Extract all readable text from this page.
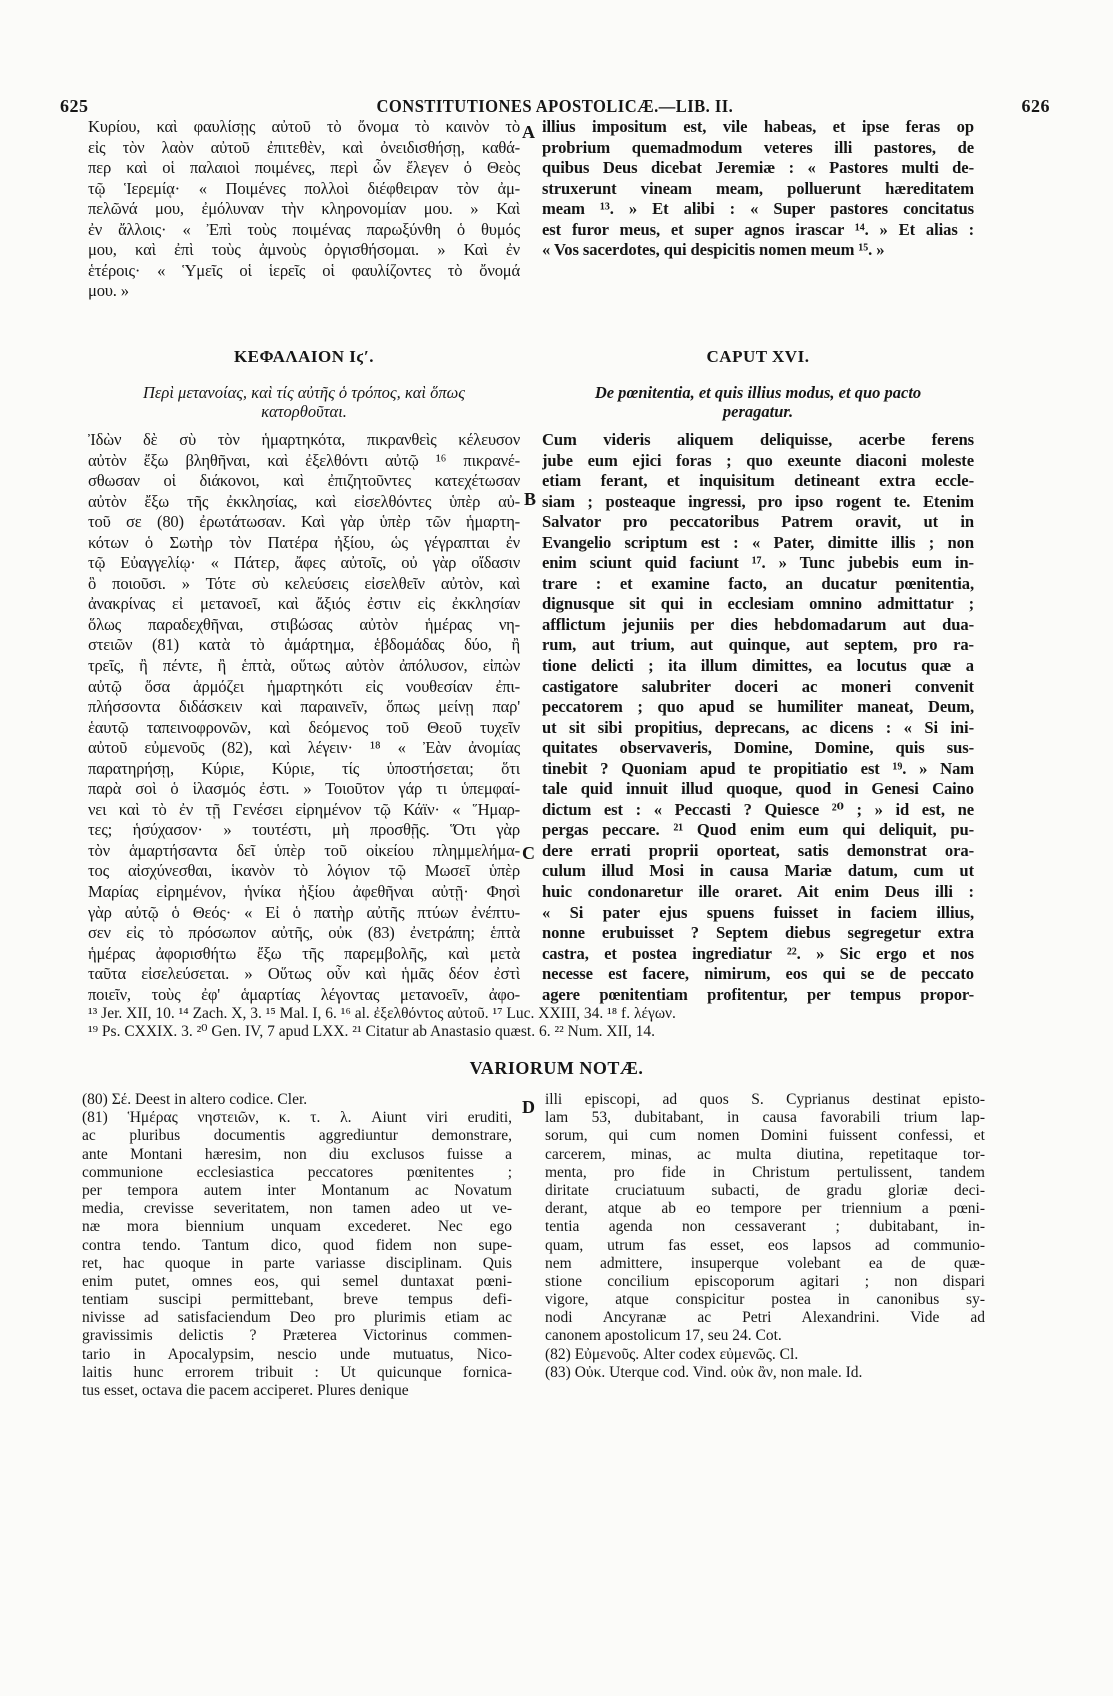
625	CONSTITUTIONES APOSTOLICÆ.—LIB. II.	626
Κυρίου, καὶ φαυλίσῃς αὐτοῦ τὸ ὄνομα τὸ καινὸν τὸ
εἰς τὸν λαὸν αὐτοῦ ἐπιτεθὲν, καὶ ὀνειδισθήσῃ, καθά-
περ καὶ οἱ παλαιοὶ ποιμένες, περὶ ὧν ἔλεγεν ὁ Θεὸς
τῷ Ἱερεμίᾳ· « Ποιμένες πολλοὶ διέφθειραν τὸν ἀμ-
πελῶνά μου, ἐμόλυναν τὴν κληρονομίαν μου. » Καὶ
ἐν ἄλλοις· « Ἐπὶ τοὺς ποιμένας παρωξύνθη ὁ θυμός
μου, καὶ ἐπὶ τοὺς ἀμνοὺς ὀργισθήσομαι. » Καὶ ἐν
ἑτέροις· « Ὑμεῖς οἱ ἱερεῖς οἱ φαυλίζοντες τὸ ὄνομά
μου. »
illius impositum est, vile habeas, et ipse feras op
probrium quemadmodum veteres illi pastores, de
quibus Deus dicebat Jeremiæ : « Pastores multi de-
struxerunt vineam meam, polluerunt hæreditatem
meam ¹³. » Et alibi : « Super pastores concitatus
est furor meus, et super agnos irascar ¹⁴. » Et alias :
« Vos sacerdotes, qui despicitis nomen meum ¹⁵. »
A
B
C
D
ΚΕΦΑΛΑΙΟΝ Ιϛʹ.
Περὶ μετανοίας, καὶ τίς αὐτῆς ὁ τρόπος, καὶ ὅπως
κατορθοῦται.
CAPUT XVI.
De pœnitentia, et quis illius modus, et quo pacto
peragatur.
Ἰδὼν δὲ σὺ τὸν ἡμαρτηκότα, πικρανθεὶς κέλευσον
αὐτὸν ἔξω βληθῆναι, καὶ ἐξελθόντι αὐτῷ ¹⁶ πικρανέ-
σθωσαν οἱ διάκονοι, καὶ ἐπιζητοῦντες κατεχέτωσαν
αὐτὸν ἔξω τῆς ἐκκλησίας, καὶ εἰσελθόντες ὑπὲρ αὐ-
τοῦ σε (80) ἐρωτάτωσαν. Καὶ γὰρ ὑπὲρ τῶν ἡμαρτη-
κότων ὁ Σωτὴρ τὸν Πατέρα ἠξίου, ὡς γέγραπται ἐν
τῷ Εὐαγγελίῳ· « Πάτερ, ἄφες αὐτοῖς, οὐ γὰρ οἴδασιν
ὃ ποιοῦσι. » Τότε σὺ κελεύσεις εἰσελθεῖν αὐτὸν, καὶ
ἀνακρίνας εἰ μετανοεῖ, καὶ ἄξιός ἐστιν εἰς ἐκκλησίαν
ὅλως παραδεχθῆναι, στιβώσας αὐτὸν ἡμέρας νη-
στειῶν (81) κατὰ τὸ ἁμάρτημα, ἑβδομάδας δύο, ἢ
τρεῖς, ἢ πέντε, ἢ ἑπτὰ, οὕτως αὐτὸν ἀπόλυσον, εἰπὼν
αὐτῷ ὅσα ἁρμόζει ἡμαρτηκότι εἰς νουθεσίαν ἐπι-
πλήσσοντα διδάσκειν καὶ παραινεῖν, ὅπως μείνῃ παρ'
ἑαυτῷ ταπεινοφρονῶν, καὶ δεόμενος τοῦ Θεοῦ τυχεῖν
αὐτοῦ εὐμενοῦς (82), καὶ λέγειν· ¹⁸ « Ἐὰν ἀνομίας
παρατηρήσῃ, Κύριε, Κύριε, τίς ὑποστήσεται; ὅτι
παρὰ σοὶ ὁ ἱλασμός ἐστι. » Τοιοῦτον γάρ τι ὑπεμφαί-
νει καὶ τὸ ἐν τῇ Γενέσει εἰρημένον τῷ Κάϊν· « Ἥμαρ-
τες; ἡσύχασον· » τουτέστι, μὴ προσθῇς. Ὅτι γὰρ
τὸν ἁμαρτήσαντα δεῖ ὑπὲρ τοῦ οἰκείου πλημμελήμα-
τος αἰσχύνεσθαι, ἱκανὸν τὸ λόγιον τῷ Μωσεῖ ὑπὲρ
Μαρίας εἰρημένον, ἡνίκα ἠξίου ἀφεθῆναι αὐτῇ· Φησὶ
γὰρ αὐτῷ ὁ Θεός· « Εἰ ὁ πατὴρ αὐτῆς πτύων ἐνέπτυ-
σεν εἰς τὸ πρόσωπον αὐτῆς, οὐκ (83) ἐνετράπη; ἑπτὰ
ἡμέρας ἀφορισθήτω ἔξω τῆς παρεμβολῆς, καὶ μετὰ
ταῦτα εἰσελεύσεται. » Οὕτως οὖν καὶ ἡμᾶς δέον ἐστὶ
ποιεῖν, τοὺς ἐφ' ἁμαρτίας λέγοντας μετανοεῖν, ἀφο-
Cum videris aliquem deliquisse, acerbe ferens
jube eum ejici foras ; quo exeunte diaconi moleste
etiam ferant, et inquisitum detineant extra eccle-
siam ; posteaque ingressi, pro ipso rogent te. Etenim
Salvator pro peccatoribus Patrem oravit, ut in
Evangelio scriptum est : « Pater, dimitte illis ; non
enim sciunt quid faciunt ¹⁷. » Tunc jubebis eum in-
trare : et examine facto, an ducatur pœnitentia,
dignusque sit qui in ecclesiam omnino admittatur ;
afflictum jejuniis per dies hebdomadarum aut dua-
rum, aut trium, aut quinque, aut septem, pro ra-
tione delicti ; ita illum dimittes, ea locutus quæ a
castigatore salubriter doceri ac moneri convenit
peccatorem ; quo apud se humiliter maneat, Deum,
ut sit sibi propitius, deprecans, ac dicens : « Si ini-
quitates observaveris, Domine, Domine, quis sus-
tinebit ? Quoniam apud te propitiatio est ¹⁹. » Nam
tale quid innuit illud quoque, quod in Genesi Caino
dictum est : « Peccasti ? Quiesce ²⁰ ; » id est, ne
pergas peccare. ²¹ Quod enim eum qui deliquit, pu-
dere errati proprii oporteat, satis demonstrat ora-
culum illud Mosi in causa Mariæ datum, cum ut
huic condonaretur ille oraret. Ait enim Deus illi :
« Si pater ejus spuens fuisset in faciem illius,
nonne erubuisset ? Septem diebus segregetur extra
castra, et postea ingrediatur ²². » Sic ergo et nos
necesse est facere, nimirum, eos qui se de peccato
agere pœnitentiam profitentur, per tempus propor-
¹³ Jer. XII, 10. ¹⁴ Zach. X, 3. ¹⁵ Mal. I, 6. ¹⁶ al. ἐξελθόντος αὐτοῦ. ¹⁷ Luc. XXIII, 34. ¹⁸ f. λέγων.
¹⁹ Ps. CXXIX. 3. ²⁰ Gen. IV, 7 apud LXX. ²¹ Citatur ab Anastasio quæst. 6. ²² Num. XII, 14.
VARIORUM NOTÆ.
(80) Σέ. Deest in altero codice. Cler.
(81) Ἡμέρας νηστειῶν, κ. τ. λ. Aiunt viri eruditi,
ac pluribus documentis aggrediuntur demonstrare,
ante Montani hæresim, non diu exclusos fuisse a
communione ecclesiastica peccatores pœnitentes ;
per tempora autem inter Montanum ac Novatum
media, crevisse severitatem, non tamen adeo ut ve-
næ mora biennium unquam excederet. Nec ego
contra tendo. Tantum dico, quod fidem non supe-
ret, hac quoque in parte variasse disciplinam. Quis
enim putet, omnes eos, qui semel duntaxat pœni-
tentiam suscipi permittebant, breve tempus defi-
nivisse ad satisfaciendum Deo pro plurimis etiam ac
gravissimis delictis ? Præterea Victorinus commen-
tario in Apocalypsim, nescio unde mutuatus, Nico-
laitis hunc errorem tribuit : Ut quicunque fornica-
tus esset, octava die pacem acciperet. Plures denique
illi episcopi, ad quos S. Cyprianus destinat episto-
lam 53, dubitabant, in causa favorabili trium lap-
sorum, qui cum nomen Domini fuissent confessi, et
carcerem, minas, ac multa diutina, repetitaque tor-
menta, pro fide in Christum pertulissent, tandem
diritate cruciatuum subacti, de gradu gloriæ deci-
derant, atque ab eo tempore per triennium a pœni-
tentia agenda non cessaverant ; dubitabant, in-
quam, utrum fas esset, eos lapsos ad communio-
nem admittere, insuperque volebant ea de quæ-
stione concilium episcoporum agitari ; non dispari
vigore, atque conspicitur postea in canonibus sy-
nodi Ancyranæ ac Petri Alexandrini. Vide ad
canonem apostolicum 17, seu 24. Cot.
(82) Εὐμενοῦς. Alter codex εὐμενῶς. Cl.
(83) Οὐκ. Uterque cod. Vind. οὐκ ἂν, non male. Id.
